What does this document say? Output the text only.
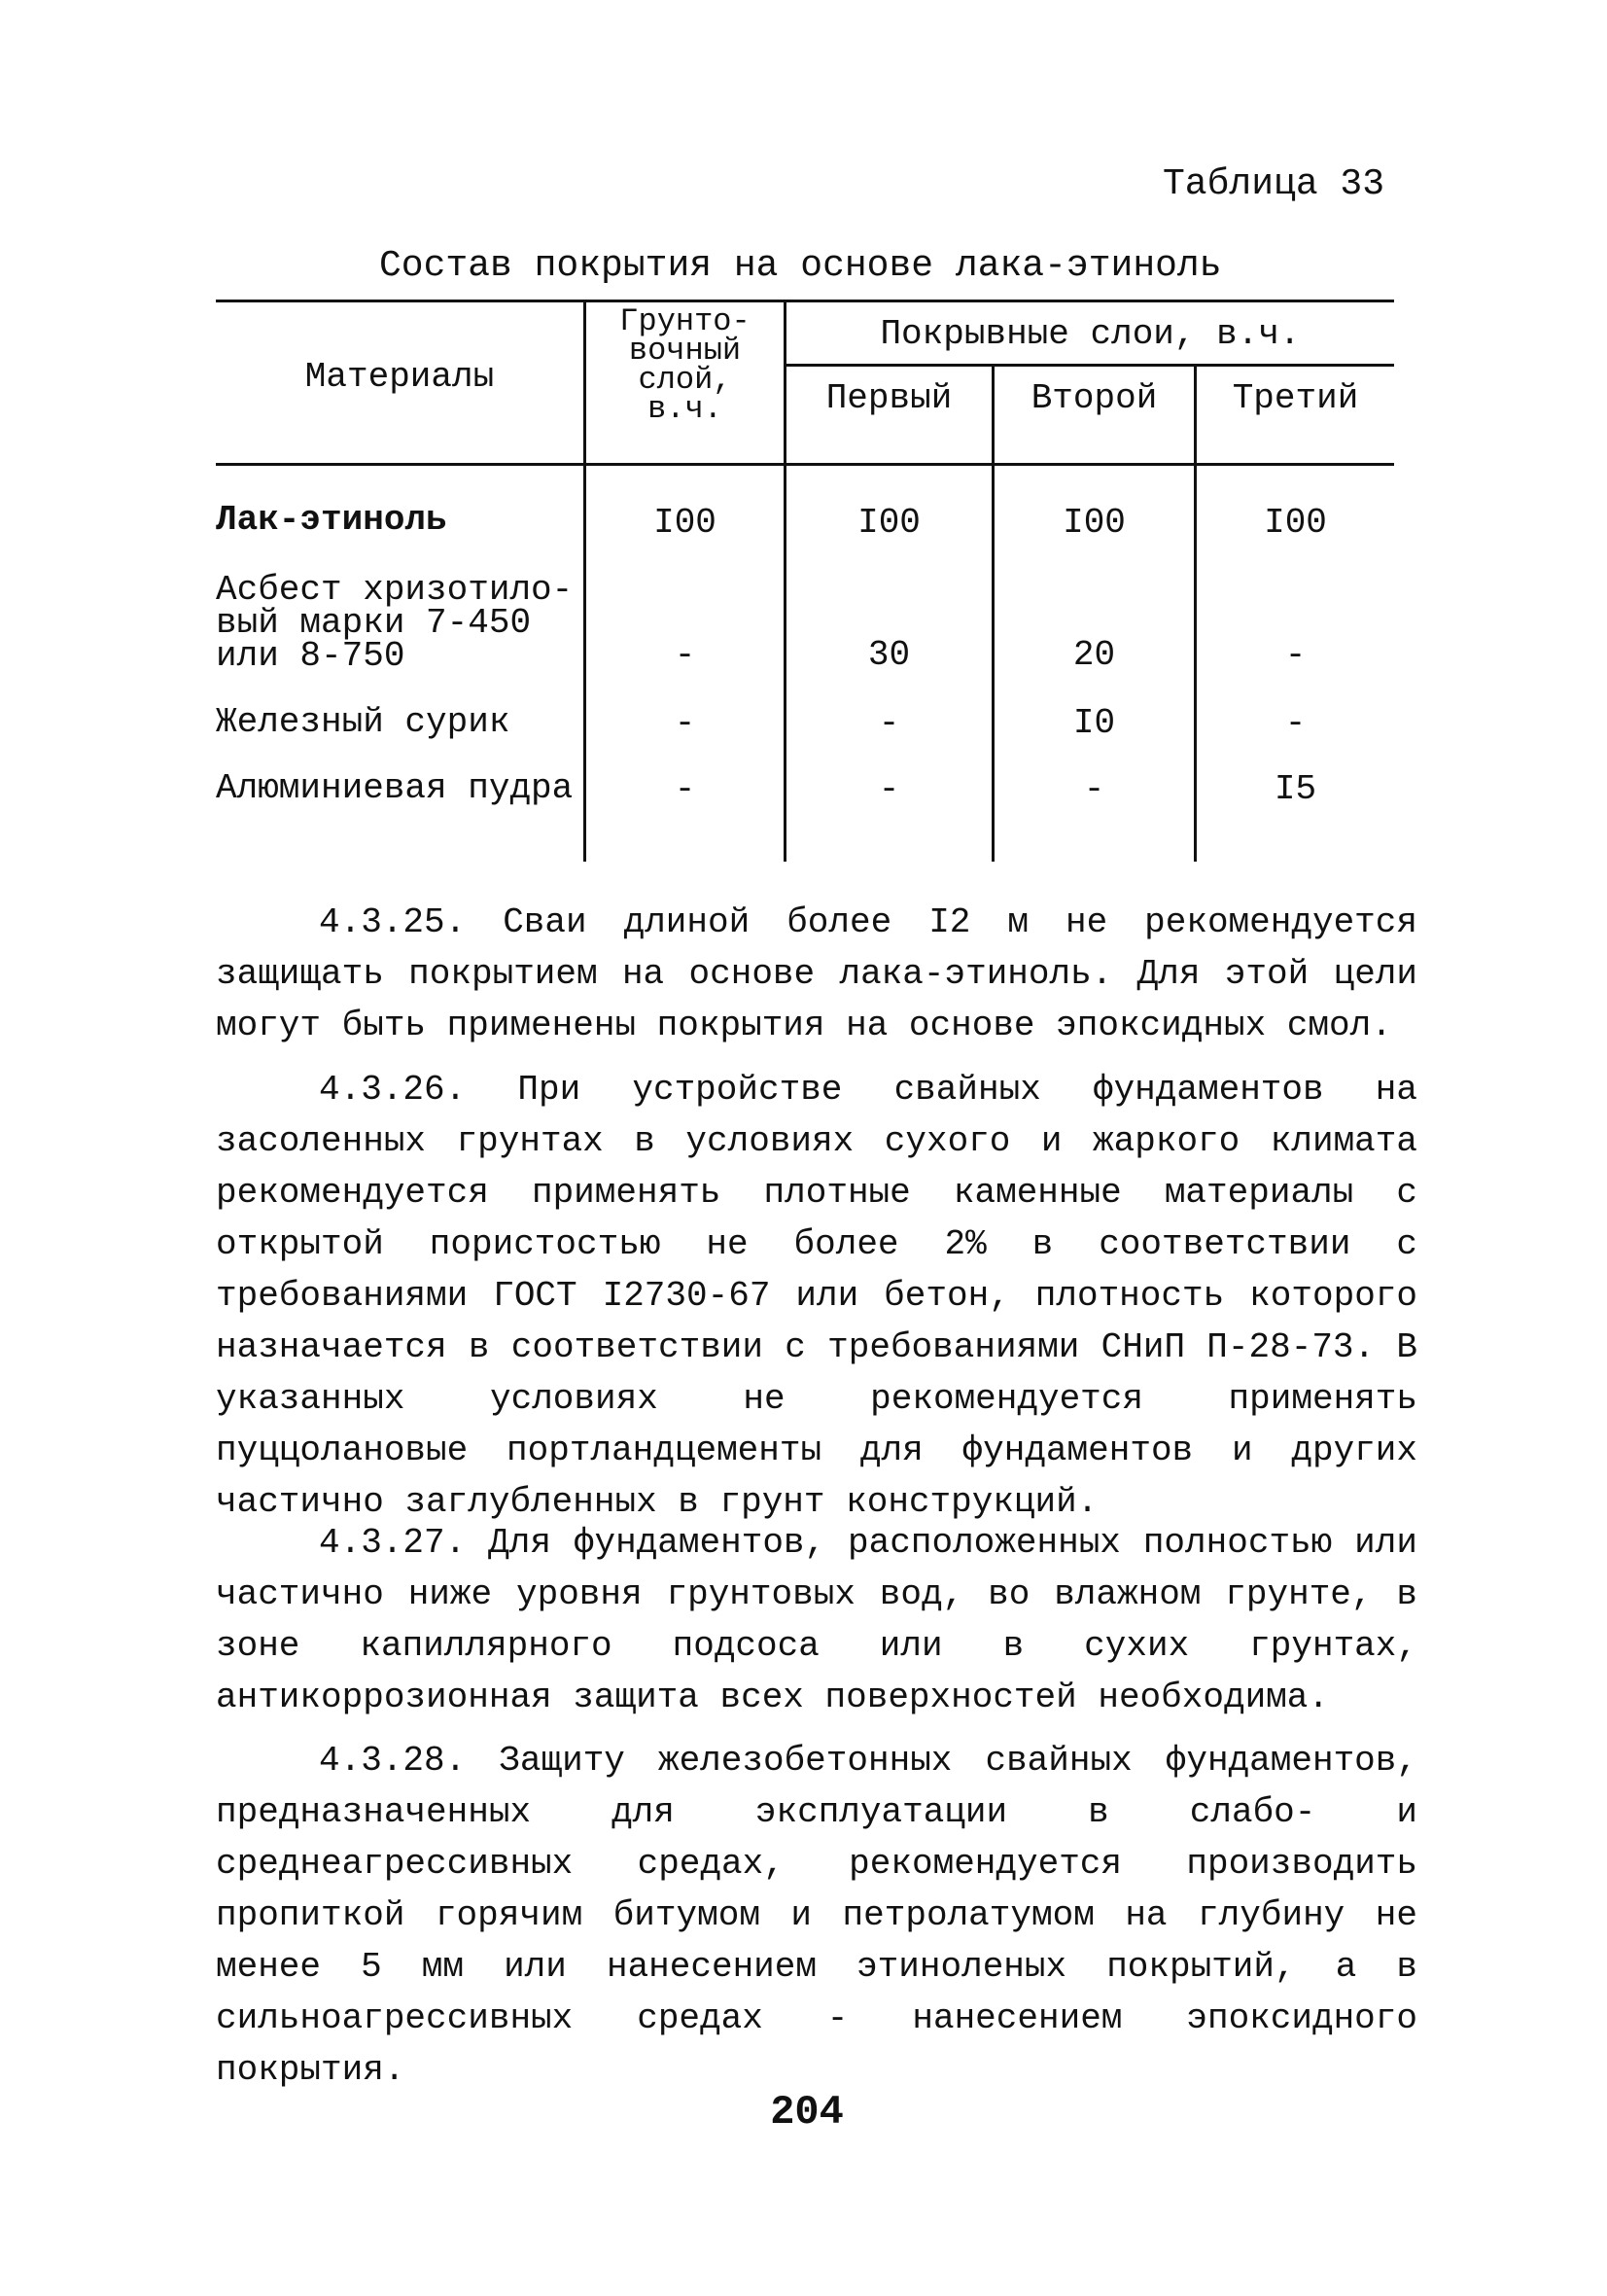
Таблица 33
Состав покрытия на основе лака-этиноль
Материалы
Грунто-
вочный
слой,
в.ч.
Покрывные слои, в.ч.
Первый	Второй	Третий
Лак-этиноль	I00	I00	I00	I00
Асбест хризотило-
вый марки 7-450
или 8-750	-	30	20	-
Железный сурик	-	-	I0	-
Алюминиевая пудра	-	-	-	I5

4.3.25. Сваи длиной более I2 м не рекомендуется защищать покрытием на основе лака-этиноль. Для этой цели могут быть применены покрытия на основе эпоксидных смол.

4.3.26. При устройстве свайных фундаментов на засоленных грунтах в условиях сухого и жаркого климата рекомендуется применять плотные каменные материалы с открытой пористостью не более 2% в соответствии с требованиями ГОСТ I2730-67 или бетон, плотность которого назначается в соответствии с требованиями СНиП П-28-73. В указанных условиях не рекомендуется применять пуццолановые портландцементы для фундаментов и других частично заглубленных в грунт конструкций.

4.3.27. Для фундаментов, расположенных полностью или частично ниже уровня грунтовых вод, во влажном грунте, в зоне капиллярного подсоса или в сухих грунтах, антикоррозионная защита всех поверхностей необходима.

4.3.28. Защиту железобетонных свайных фундаментов, предназначенных для эксплуатации в слабо- и среднеагрессивных средах, рекомендуется производить пропиткой горячим битумом и петролатумом на глубину не менее 5 мм или нанесением этиноленых покрытий, а в сильноагрессивных средах - нанесением эпоксидного покрытия.

204
